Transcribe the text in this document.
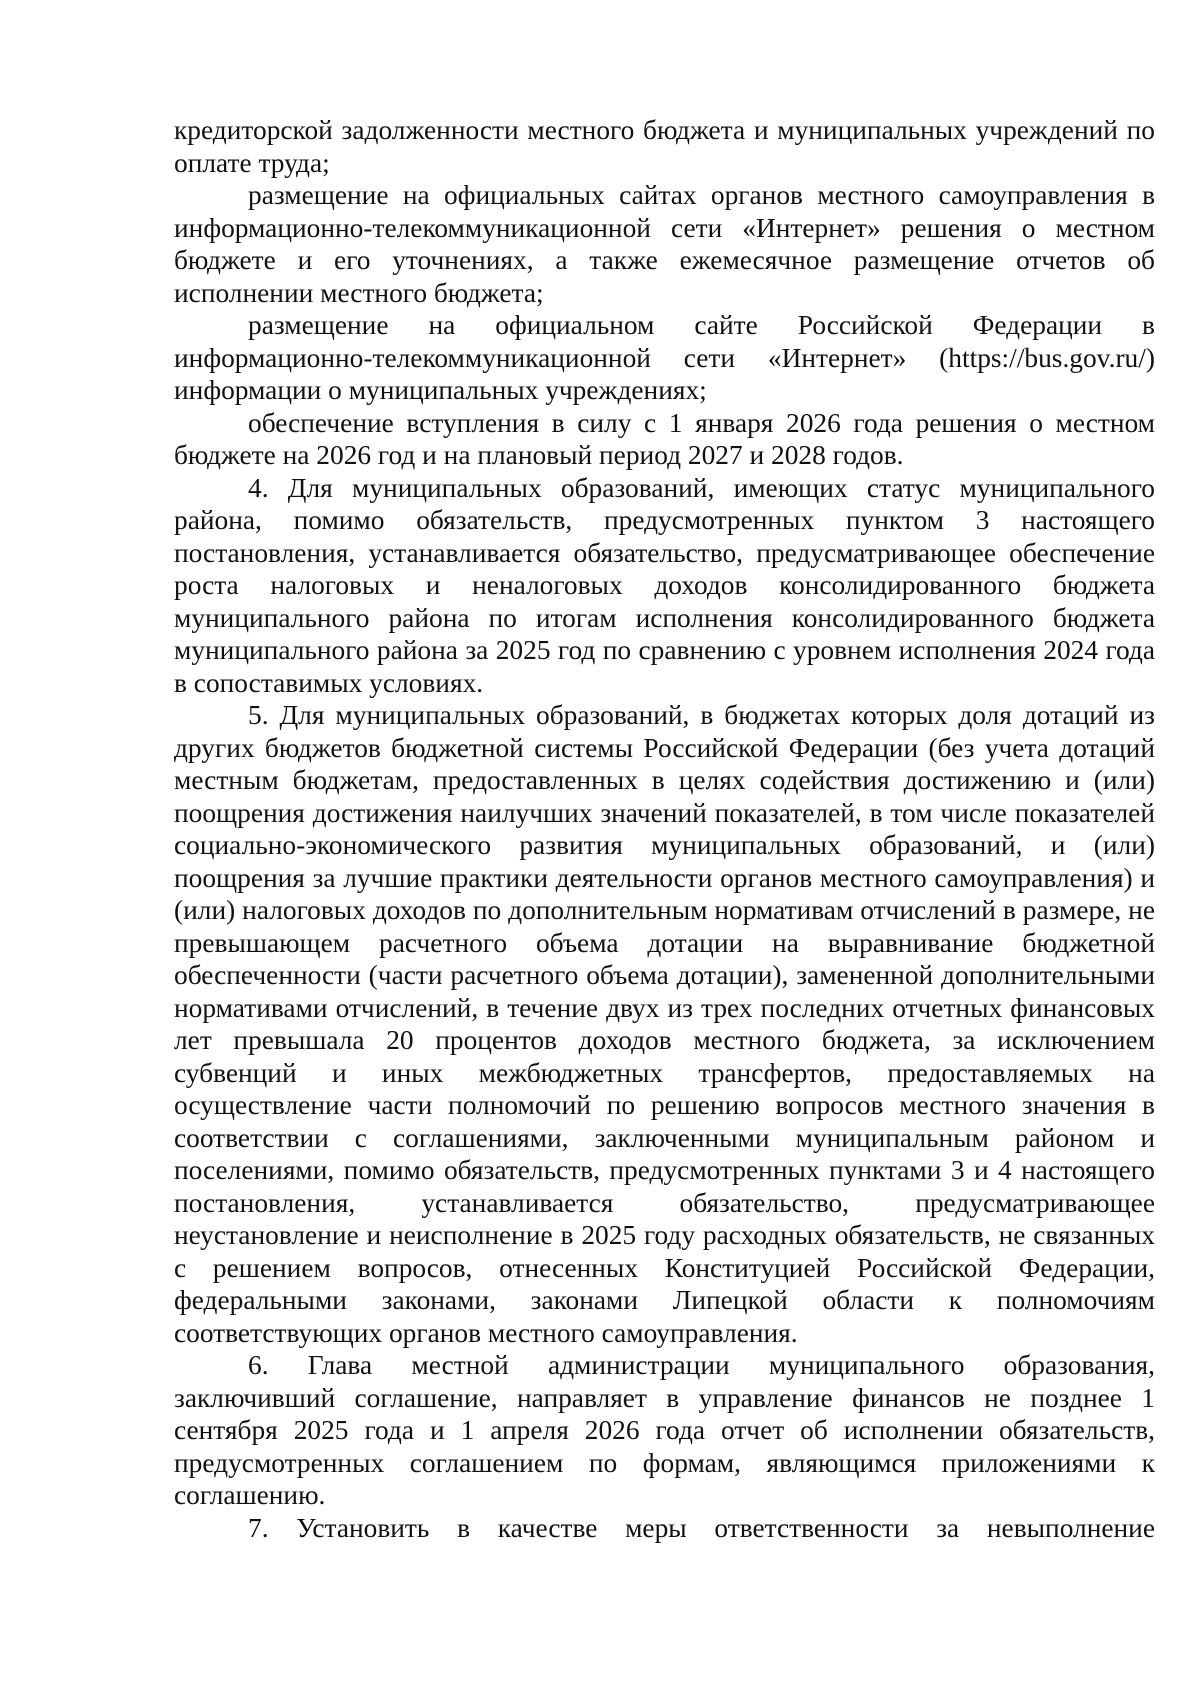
кредиторской задолженности местного бюджета и муниципальных учреждений по оплате труда;

размещение на официальных сайтах органов местного самоуправления в информационно-телекоммуникационной сети «Интернет» решения о местном бюджете и его уточнениях, а также ежемесячное размещение отчетов об исполнении местного бюджета;

размещение на официальном сайте Российской Федерации в информационно-телекоммуникационной сети «Интернет» (https://bus.gov.ru/) информации о муниципальных учреждениях;

обеспечение вступления в силу с 1 января 2026 года решения о местном бюджете на 2026 год и на плановый период 2027 и 2028 годов.

4. Для муниципальных образований, имеющих статус муниципального района, помимо обязательств, предусмотренных пунктом 3 настоящего постановления, устанавливается обязательство, предусматривающее обеспечение роста налоговых и неналоговых доходов консолидированного бюджета муниципального района по итогам исполнения консолидированного бюджета муниципального района за 2025 год по сравнению с уровнем исполнения 2024 года в сопоставимых условиях.

5. Для муниципальных образований, в бюджетах которых доля дотаций из других бюджетов бюджетной системы Российской Федерации (без учета дотаций местным бюджетам, предоставленных в целях содействия достижению и (или) поощрения достижения наилучших значений показателей, в том числе показателей социально-экономического развития муниципальных образований, и (или) поощрения за лучшие практики деятельности органов местного самоуправления) и (или) налоговых доходов по дополнительным нормативам отчислений в размере, не превышающем расчетного объема дотации на выравнивание бюджетной обеспеченности (части расчетного объема дотации), замененной дополнительными нормативами отчислений, в течение двух из трех последних отчетных финансовых лет превышала 20 процентов доходов местного бюджета, за исключением субвенций и иных межбюджетных трансфертов, предоставляемых на осуществление части полномочий по решению вопросов местного значения в соответствии с соглашениями, заключенными муниципальным районом и поселениями, помимо обязательств, предусмотренных пунктами 3 и 4 настоящего постановления, устанавливается обязательство, предусматривающее неустановление и неисполнение в 2025 году расходных обязательств, не связанных с решением вопросов, отнесенных Конституцией Российской Федерации, федеральными законами, законами Липецкой области к полномочиям соответствующих органов местного самоуправления.

6. Глава местной администрации муниципального образования, заключивший соглашение, направляет в управление финансов не позднее 1 сентября 2025 года и 1 апреля 2026 года отчет об исполнении обязательств, предусмотренных соглашением по формам, являющимся приложениями к соглашению.

7. Установить в качестве меры ответственности за невыполнение
